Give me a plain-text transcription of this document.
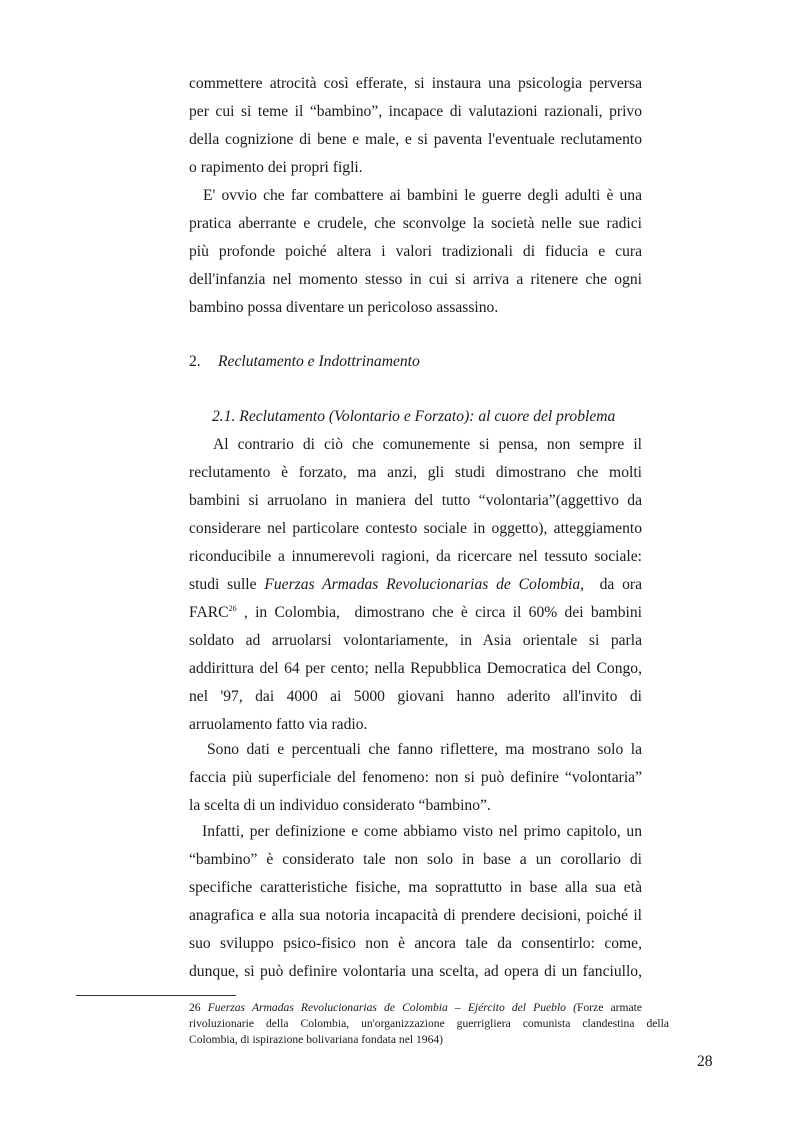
commettere atrocità così efferate, si instaura una psicologia perversa
per cui si teme il “bambino”, incapace di valutazioni razionali, privo
della cognizione di bene e male, e si paventa l'eventuale reclutamento
o rapimento dei propri figli.
E' ovvio che far combattere ai bambini le guerre degli adulti è una
pratica aberrante e crudele, che sconvolge la società nelle sue radici
più profonde poiché altera i valori tradizionali di fiducia e cura
dell'infanzia nel momento stesso in cui si arriva a ritenere che ogni
bambino possa diventare un pericoloso assassino.
2. Reclutamento e Indottrinamento
2.1. Reclutamento (Volontario e Forzato): al cuore del problema
Al contrario di ciò che comunemente si pensa, non sempre il
reclutamento è forzato, ma anzi, gli studi dimostrano che molti
bambini si arruolano in maniera del tutto “volontaria”(aggettivo da
considerare nel particolare contesto sociale in oggetto), atteggiamento
riconducibile a innumerevoli ragioni, da ricercare nel tessuto sociale:
studi sulle Fuerzas Armadas Revolucionarias de Colombia,  da ora
FARC$^{26}$ , in Colombia,  dimostrano che è circa il 60% dei bambini
soldato ad arruolarsi volontariamente, in Asia orientale si parla
addirittura del 64 per cento; nella Repubblica Democratica del Congo,
nel '97, dai 4000 ai 5000 giovani hanno aderito all'invito di
arruolamento fatto via radio.
Sono dati e percentuali che fanno riflettere, ma mostrano solo la
faccia più superficiale del fenomeno: non si può definire “volontaria”
la scelta di un individuo considerato “bambino”.
Infatti, per definizione e come abbiamo visto nel primo capitolo, un
“bambino” è considerato tale non solo in base a un corollario di
specifiche caratteristiche fisiche, ma soprattutto in base alla sua età
anagrafica e alla sua notoria incapacità di prendere decisioni, poiché il
suo sviluppo psico-fisico non è ancora tale da consentirlo: come,
dunque, si può definire volontaria una scelta, ad opera di un fanciullo,
26 Fuerzas Armadas Revolucionarias de Colombia – Ejército del Pueblo (Forze armate
rivoluzionarie della Colombia, un'organizzazione guerrigliera comunista clandestina della
Colombia, di ispirazione bolivariana fondata nel 1964)
28
